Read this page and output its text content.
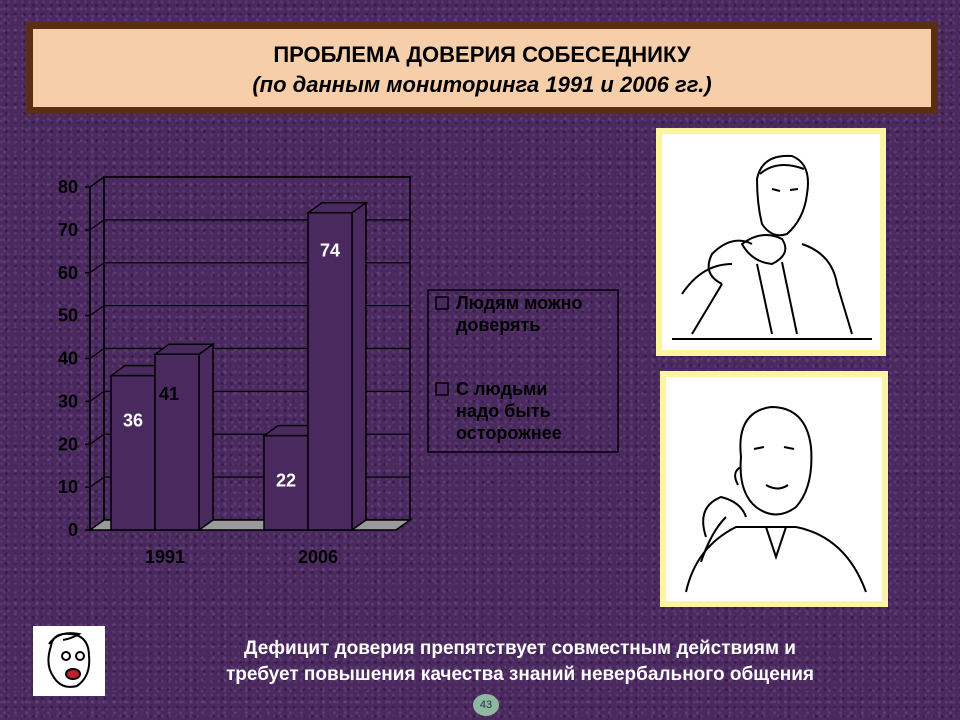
ПРОБЛЕМА ДОВЕРИЯ СОБЕСЕДНИКУ
(по данным мониторинга 1991 и 2006 гг.)
80
70
60
50
40
30
20
10
0
36
41
1991
22
74
2006
Людям можно
доверять
С людьми
надо быть
осторожнее
Дефицит доверия препятствует совместным действиям и
требует повышения качества знаний невербального общения
43
